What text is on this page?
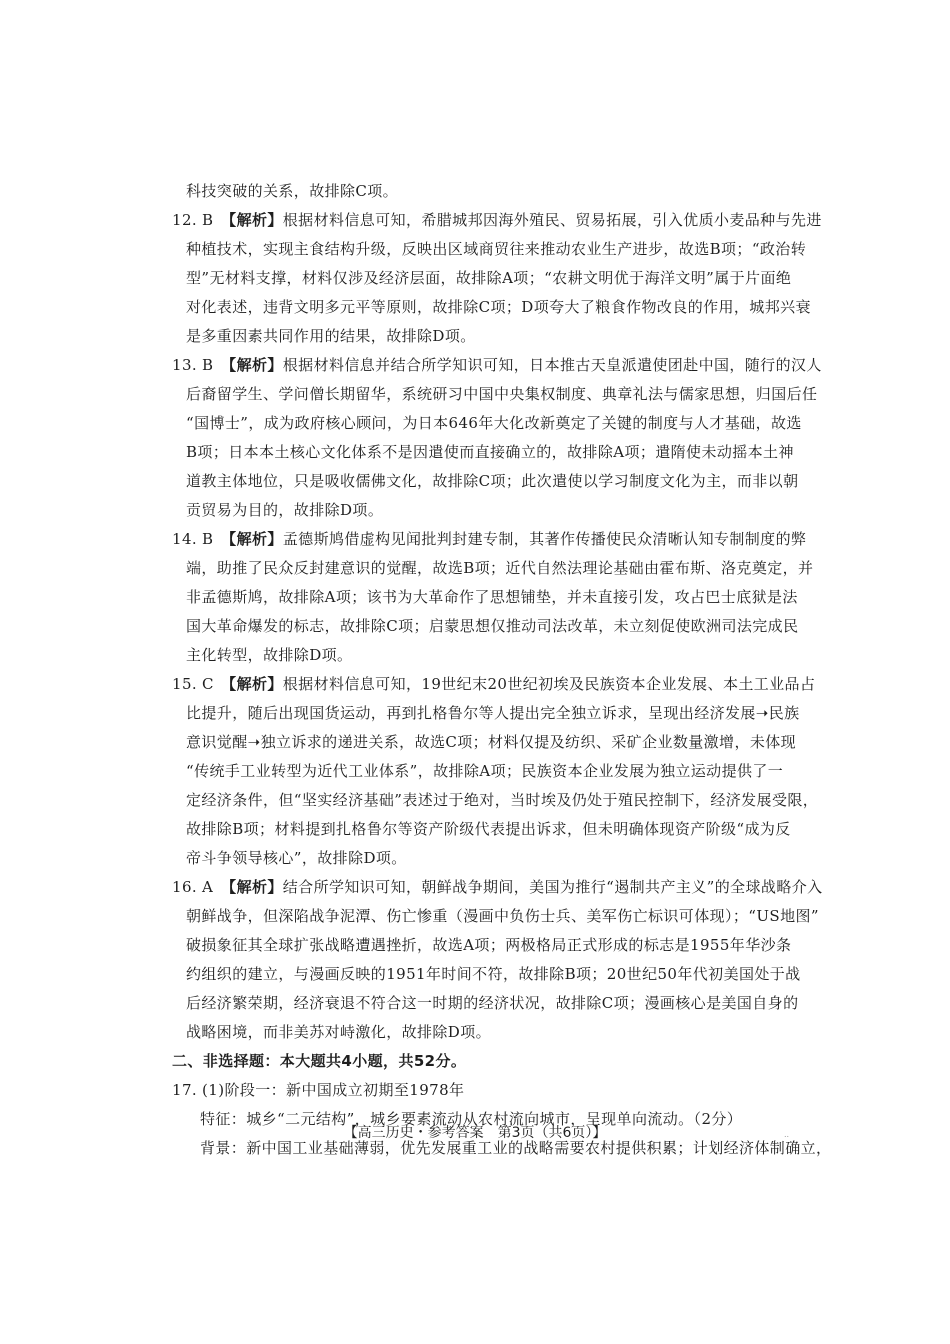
科技突破的关系，故排除C项。
12. B 【解析】根据材料信息可知，希腊城邦因海外殖民、贸易拓展，引入优质小麦品种与先进
种植技术，实现主食结构升级，反映出区域商贸往来推动农业生产进步，故选B项；“政治转
型”无材料支撑，材料仅涉及经济层面，故排除A项；“农耕文明优于海洋文明”属于片面绝
对化表述，违背文明多元平等原则，故排除C项；D项夸大了粮食作物改良的作用，城邦兴衰
是多重因素共同作用的结果，故排除D项。
13. B 【解析】根据材料信息并结合所学知识可知，日本推古天皇派遣使团赴中国，随行的汉人
后裔留学生、学问僧长期留华，系统研习中国中央集权制度、典章礼法与儒家思想，归国后任
“国博士”，成为政府核心顾问，为日本646年大化改新奠定了关键的制度与人才基础，故选
B项；日本本土核心文化体系不是因遣使而直接确立的，故排除A项；遣隋使未动摇本土神
道教主体地位，只是吸收儒佛文化，故排除C项；此次遣使以学习制度文化为主，而非以朝
贡贸易为目的，故排除D项。
14. B 【解析】孟德斯鸠借虚构见闻批判封建专制，其著作传播使民众清晰认知专制制度的弊
端，助推了民众反封建意识的觉醒，故选B项；近代自然法理论基础由霍布斯、洛克奠定，并
非孟德斯鸠，故排除A项；该书为大革命作了思想铺垫，并未直接引发，攻占巴士底狱是法
国大革命爆发的标志，故排除C项；启蒙思想仅推动司法改革，未立刻促使欧洲司法完成民
主化转型，故排除D项。
15. C 【解析】根据材料信息可知，19世纪末20世纪初埃及民族资本企业发展、本土工业品占
比提升，随后出现国货运动，再到扎格鲁尔等人提出完全独立诉求，呈现出经济发展➝民族
意识觉醒➝独立诉求的递进关系，故选C项；材料仅提及纺织、采矿企业数量激增，未体现
“传统手工业转型为近代工业体系”，故排除A项；民族资本企业发展为独立运动提供了一
定经济条件，但“坚实经济基础”表述过于绝对，当时埃及仍处于殖民控制下，经济发展受限，
故排除B项；材料提到扎格鲁尔等资产阶级代表提出诉求，但未明确体现资产阶级“成为反
帝斗争领导核心”，故排除D项。
16. A 【解析】结合所学知识可知，朝鲜战争期间，美国为推行“遏制共产主义”的全球战略介入
朝鲜战争，但深陷战争泥潭、伤亡惨重（漫画中负伤士兵、美军伤亡标识可体现）；“US地图”
破损象征其全球扩张战略遭遇挫折，故选A项；两极格局正式形成的标志是1955年华沙条
约组织的建立，与漫画反映的1951年时间不符，故排除B项；20世纪50年代初美国处于战
后经济繁荣期，经济衰退不符合这一时期的经济状况，故排除C项；漫画核心是美国自身的
战略困境，而非美苏对峙激化，故排除D项。
二、非选择题：本大题共4小题，共52分。
17. (1)阶段一：新中国成立初期至1978年
特征：城乡“二元结构”，城乡要素流动从农村流向城市，呈现单向流动。（2分）
背景：新中国工业基础薄弱，优先发展重工业的战略需要农村提供积累；计划经济体制确立，
【高三历史・参考答案　第3页（共6页）】	..
